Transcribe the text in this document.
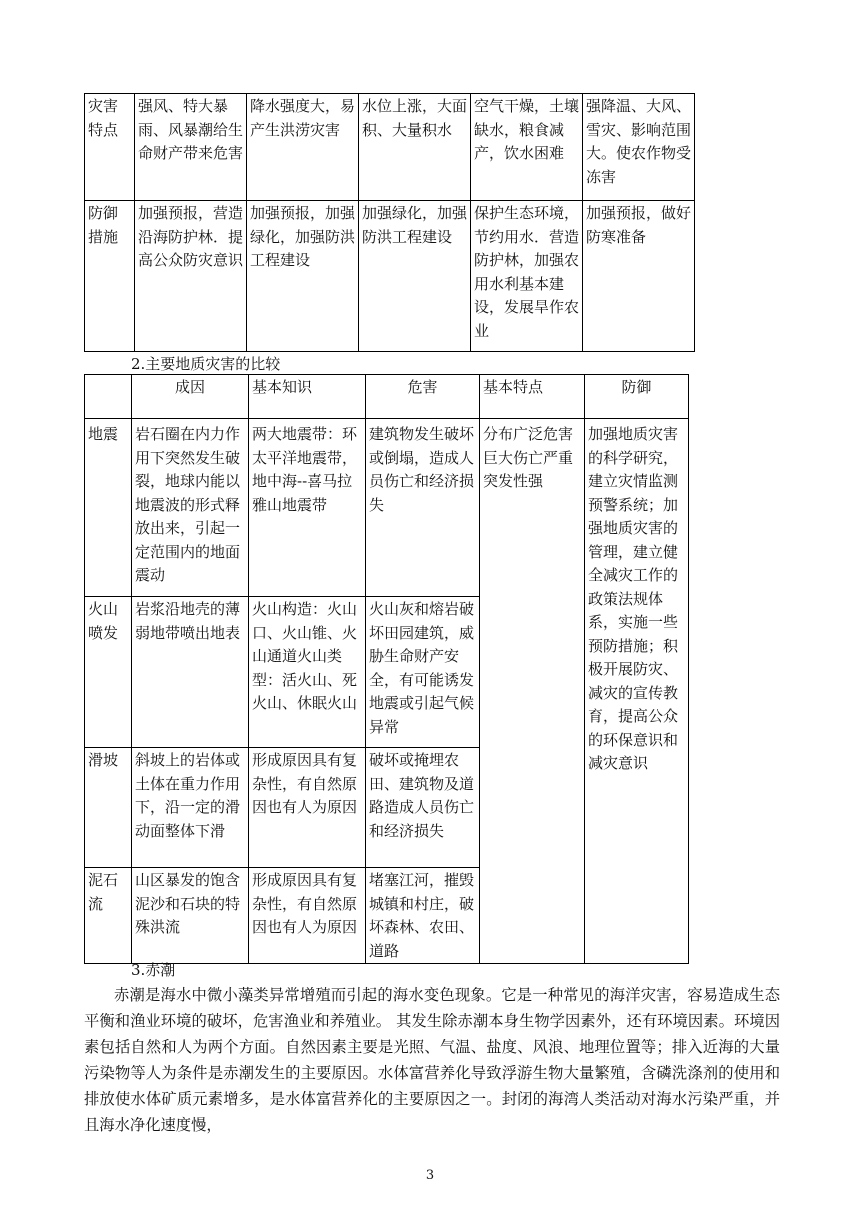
灾害特点	强风、特大暴雨、风暴潮给生命财产带来危害	降水强度大，易产生洪涝灾害	水位上涨，大面积、大量积水	空气干燥，土壤缺水，粮食减产，饮水困难	强降温、大风、雪灾、影响范围大。使农作物受冻害
防御措施	加强预报，营造沿海防护林．提高公众防灾意识	加强预报，加强绿化，加强防洪工程建设	加强绿化，加强防洪工程建设	保护生态环境，节约用水．营造防护林，加强农用水利基本建设，发展旱作农业	加强预报，做好防寒准备
2.主要地质灾害的比较
	成因	基本知识	危害	基本特点	防御
地震	岩石圈在内力作用下突然发生破裂，地球内能以地震波的形式释放出来，引起一定范围内的地面震动	两大地震带：环太平洋地震带，地中海--喜马拉雅山地震带	建筑物发生破坏或倒塌，造成人员伤亡和经济损失	分布广泛危害巨大伤亡严重突发性强	加强地质灾害的科学研究，建立灾情监测预警系统；加强地质灾害的管理，建立健全减灾工作的政策法规体系，实施一些预防措施；积极开展防灾、减灾的宣传教育，提高公众的环保意识和减灾意识
火山喷发	岩浆沿地壳的薄弱地带喷出地表	火山构造：火山口、火山锥、火山通道火山类型：活火山、死火山、休眠火山	火山灰和熔岩破坏田园建筑，威胁生命财产安全，有可能诱发地震或引起气候异常		
滑坡	斜坡上的岩体或土体在重力作用下，沿一定的滑动面整体下滑	形成原因具有复杂性，有自然原因也有人为原因	破坏或掩埋农田、建筑物及道路造成人员伤亡和经济损失		
泥石流	山区暴发的饱含泥沙和石块的特殊洪流	形成原因具有复杂性，有自然原因也有人为原因	堵塞江河，摧毁城镇和村庄，破坏森林、农田、道路		
3.赤潮

赤潮是海水中微小藻类异常增殖而引起的海水变色现象。它是一种常见的海洋灾害，容易造成生态平衡和渔业环境的破坏，危害渔业和养殖业。 其发生除赤潮本身生物学因素外，还有环境因素。环境因素包括自然和人为两个方面。自然因素主要是光照、气温、盐度、风浪、地理位置等；排入近海的大量污染物等人为条件是赤潮发生的主要原因。水体富营养化导致浮游生物大量繁殖，含磷洗涤剂的使用和排放使水体矿质元素增多，是水体富营养化的主要原因之一。封闭的海湾人类活动对海水污染严重，并且海水净化速度慢，

3
